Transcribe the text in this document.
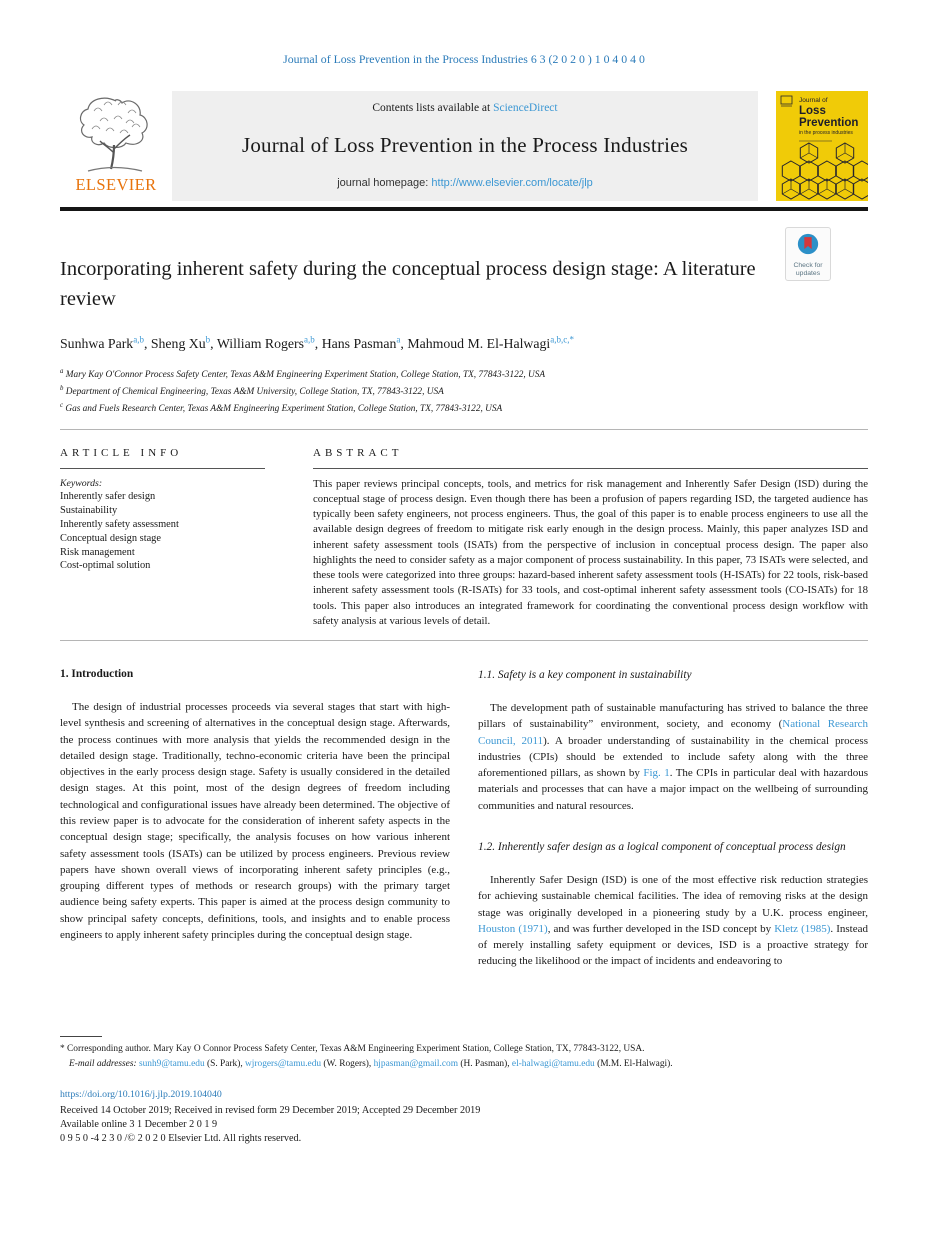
Journal of Loss Prevention in the Process Industries 6 3 (2 0 2 0 ) 1 0 4 0 4 0
ELSEVIER
Contents lists available at ScienceDirect
Journal of Loss Prevention in the Process Industries
journal homepage: http://www.elsevier.com/locate/jlp
Journal of
Loss
Prevention
in the process industries
Incorporating inherent safety during the conceptual process design stage: A literature review
Check for
updates
Sunhwa Park$^{a,b}$, Sheng Xu$^b$, William Rogers$^{a,b}$, Hans Pasman$^a$, Mahmoud M. El-Halwagi$^{a,b,c,*}$
$^a$ Mary Kay O'Connor Process Safety Center, Texas A&M Engineering Experiment Station, College Station, TX, 77843-3122, USA
$^b$ Department of Chemical Engineering, Texas A&M University, College Station, TX, 77843-3122, USA
$^c$ Gas and Fuels Research Center, Texas A&M Engineering Experiment Station, College Station, TX, 77843-3122, USA
ARTICLE INFO
Keywords:
Inherently safer design
Sustainability
Inherently safety assessment
Conceptual design stage
Risk management
Cost-optimal solution
ABSTRACT

This paper reviews principal concepts, tools, and metrics for risk management and Inherently Safer Design (ISD) during the conceptual stage of process design. Even though there has been a profusion of papers regarding ISD, the targeted audience has typically been safety engineers, not process engineers. Thus, the goal of this paper is to enable process engineers to use all the available design degrees of freedom to mitigate risk early enough in the design process. Mainly, this paper analyzes ISD and inherent safety assessment tools (ISATs) from the perspective of inclusion in conceptual process design. The paper also highlights the need to consider safety as a major component of process sustainability. In this paper, 73 ISATs were selected, and these tools were categorized into three groups: hazard-based inherent safety assessment tools (H-ISATs) for 22 tools, risk-based inherent safety assessment tools (R-ISATs) for 33 tools, and cost-optimal inherent safety assessment tools (CO-ISATs) for 18 tools. This paper also introduces an integrated framework for coordinating the conventional process design workflow with safety analysis at various levels of detail.

1. Introduction

The design of industrial processes proceeds via several stages that start with high-level synthesis and screening of alternatives in the conceptual design stage. Afterwards, the process continues with more analysis that yields the recommended design in the detailed design stage. Traditionally, techno-economic criteria have been the principal objectives in the early process design stage. Safety is usually considered in the detailed design stages. At this point, most of the design degrees of freedom including technological and configurational issues have already been determined. The objective of this review paper is to advocate for the consideration of inherent safety aspects in the conceptual design stage; specifically, the analysis focuses on how various inherent safety assessment tools (ISATs) can be utilized by process engineers. Previous review papers have shown overall views of incorporating inherent safety principles (e.g., grouping different types of methods or research groups) with the primary target audience being safety experts. This paper is aimed at the process design community to show principal safety concepts, definitions, tools, and insights and to enable process engineers to apply inherent safety principles during the conceptual design stage.

1.1. Safety is a key component in sustainability

The development path of sustainable manufacturing has strived to balance the three pillars of sustainability” environment, society, and economy (National Research Council, 2011). A broader understanding of sustainability in the chemical process industries (CPIs) should be extended to include safety along with the three aforementioned pillars, as shown by Fig. 1. The CPIs in particular deal with hazardous materials and processes that can have a major impact on the wellbeing of surrounding communities and natural resources.

1.2. Inherently safer design as a logical component of conceptual process design

Inherently Safer Design (ISD) is one of the most effective risk reduction strategies for achieving sustainable chemical facilities. The idea of removing risks at the design stage was originally developed in a pioneering study by a U.K. process engineer, Houston (1971), and was further developed in the ISD concept by Kletz (1985). Instead of merely installing safety equipment or devices, ISD is a proactive strategy for reducing the likelihood or the impact of incidents and endeavoring to

* Corresponding author. Mary Kay O Connor Process Safety Center, Texas A&M Engineering Experiment Station, College Station, TX, 77843-3122, USA.
E-mail addresses: sunh9@tamu.edu (S. Park), wjrogers@tamu.edu (W. Rogers), hjpasman@gmail.com (H. Pasman), el-halwagi@tamu.edu (M.M. El-Halwagi).
https://doi.org/10.1016/j.jlp.2019.104040
Received 14 October 2019; Received in revised form 29 December 2019; Accepted 29 December 2019
Available online 3 1 December 2 0 1 9
0 9 5 0 -4 2 3 0 /© 2 0 2 0 Elsevier Ltd. All rights reserved.
